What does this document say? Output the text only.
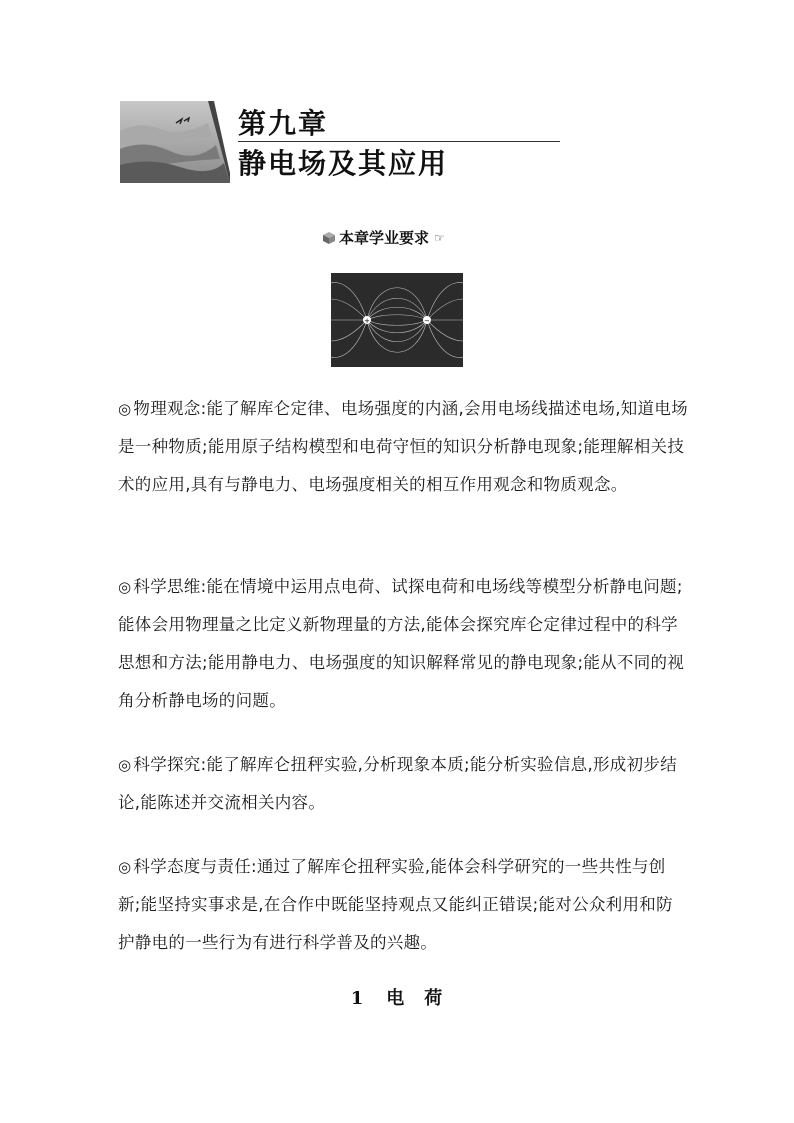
第九章
静电场及其应用
本章学业要求 ☞
+	−

◎ 物理观念:能了解库仑定律、电场强度的内涵,会用电场线描述电场,知道电场是一种物质;能用原子结构模型和电荷守恒的知识分析静电现象;能理解相关技术的应用,具有与静电力、电场强度相关的相互作用观念和物质观念。

◎ 科学思维:能在情境中运用点电荷、试探电荷和电场线等模型分析静电问题;能体会用物理量之比定义新物理量的方法,能体会探究库仑定律过程中的科学思想和方法;能用静电力、电场强度的知识解释常见的静电现象;能从不同的视角分析静电场的问题。

◎ 科学探究:能了解库仑扭秤实验,分析现象本质;能分析实验信息,形成初步结论,能陈述并交流相关内容。

◎ 科学态度与责任:通过了解库仑扭秤实验,能体会科学研究的一些共性与创新;能坚持实事求是,在合作中既能坚持观点又能纠正错误;能对公众利用和防护静电的一些行为有进行科学普及的兴趣。

1 电　荷
